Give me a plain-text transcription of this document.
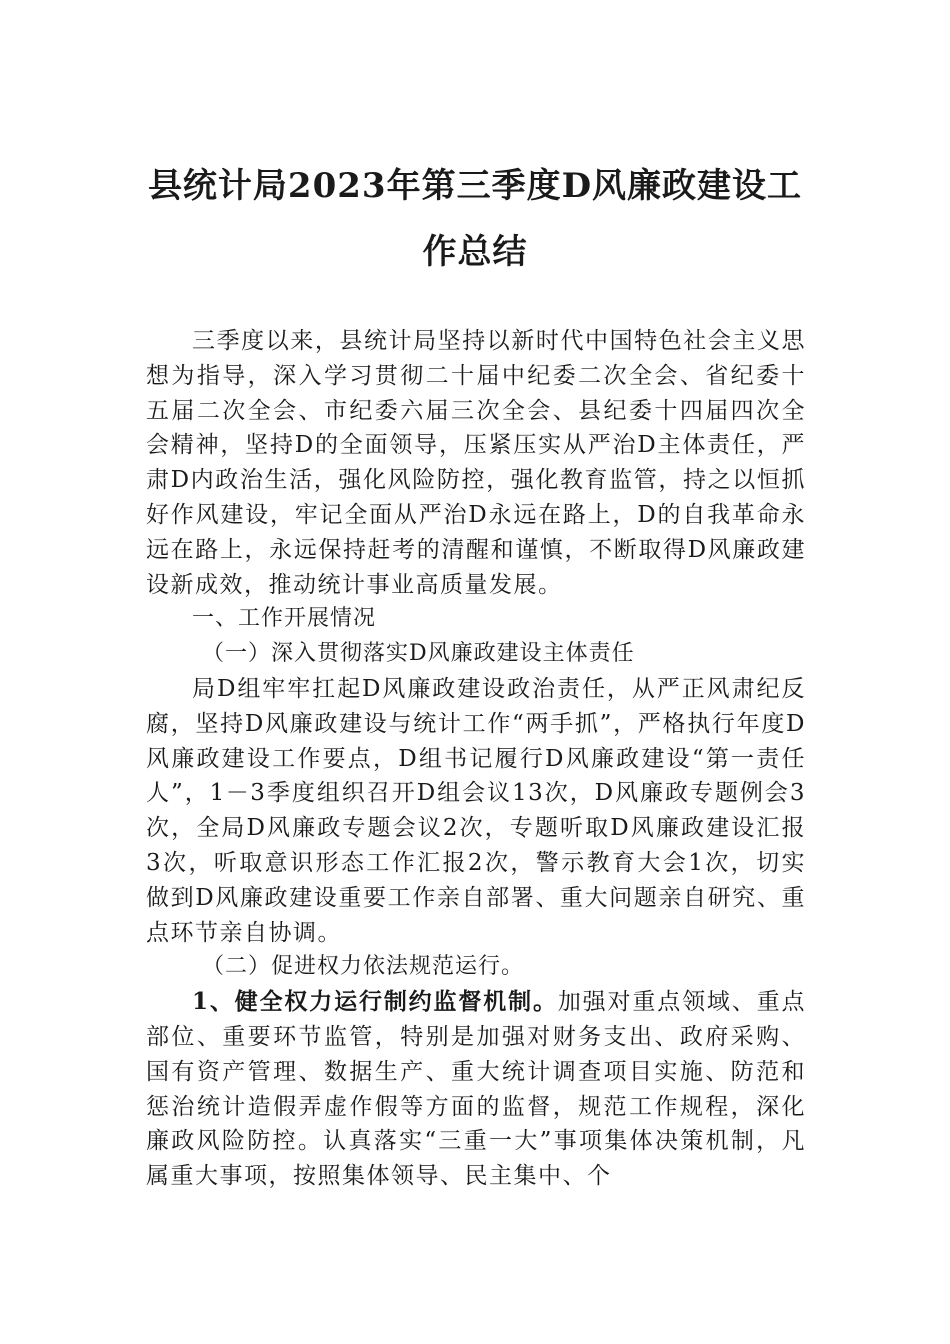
县统计局2023年第三季度D风廉政建设工
作总结

三季度以来，县统计局坚持以新时代中国特色社会主义思想为指导，深入学习贯彻二十届中纪委二次全会、省纪委十五届二次全会、市纪委六届三次全会、县纪委十四届四次全会精神，坚持D的全面领导，压紧压实从严治D主体责任，严肃D内政治生活，强化风险防控，强化教育监管，持之以恒抓好作风建设，牢记全面从严治D永远在路上，D的自我革命永远在路上，永远保持赶考的清醒和谨慎，不断取得D风廉政建设新成效，推动统计事业高质量发展。

一、工作开展情况

（一）深入贯彻落实D风廉政建设主体责任

局D组牢牢扛起D风廉政建设政治责任，从严正风肃纪反腐，坚持D风廉政建设与统计工作“两手抓”，严格执行年度D风廉政建设工作要点，D组书记履行D风廉政建设“第一责任人”，1－3季度组织召开D组会议13次，D风廉政专题例会3次，全局D风廉政专题会议2次，专题听取D风廉政建设汇报3次，听取意识形态工作汇报2次，警示教育大会1次，切实做到D风廉政建设重要工作亲自部署、重大问题亲自研究、重点环节亲自协调。

（二）促进权力依法规范运行。

1、健全权力运行制约监督机制。加强对重点领域、重点部位、重要环节监管，特别是加强对财务支出、政府采购、国有资产管理、数据生产、重大统计调查项目实施、防范和惩治统计造假弄虚作假等方面的监督，规范工作规程，深化廉政风险防控。认真落实“三重一大”事项集体决策机制，凡属重大事项，按照集体领导、民主集中、个
